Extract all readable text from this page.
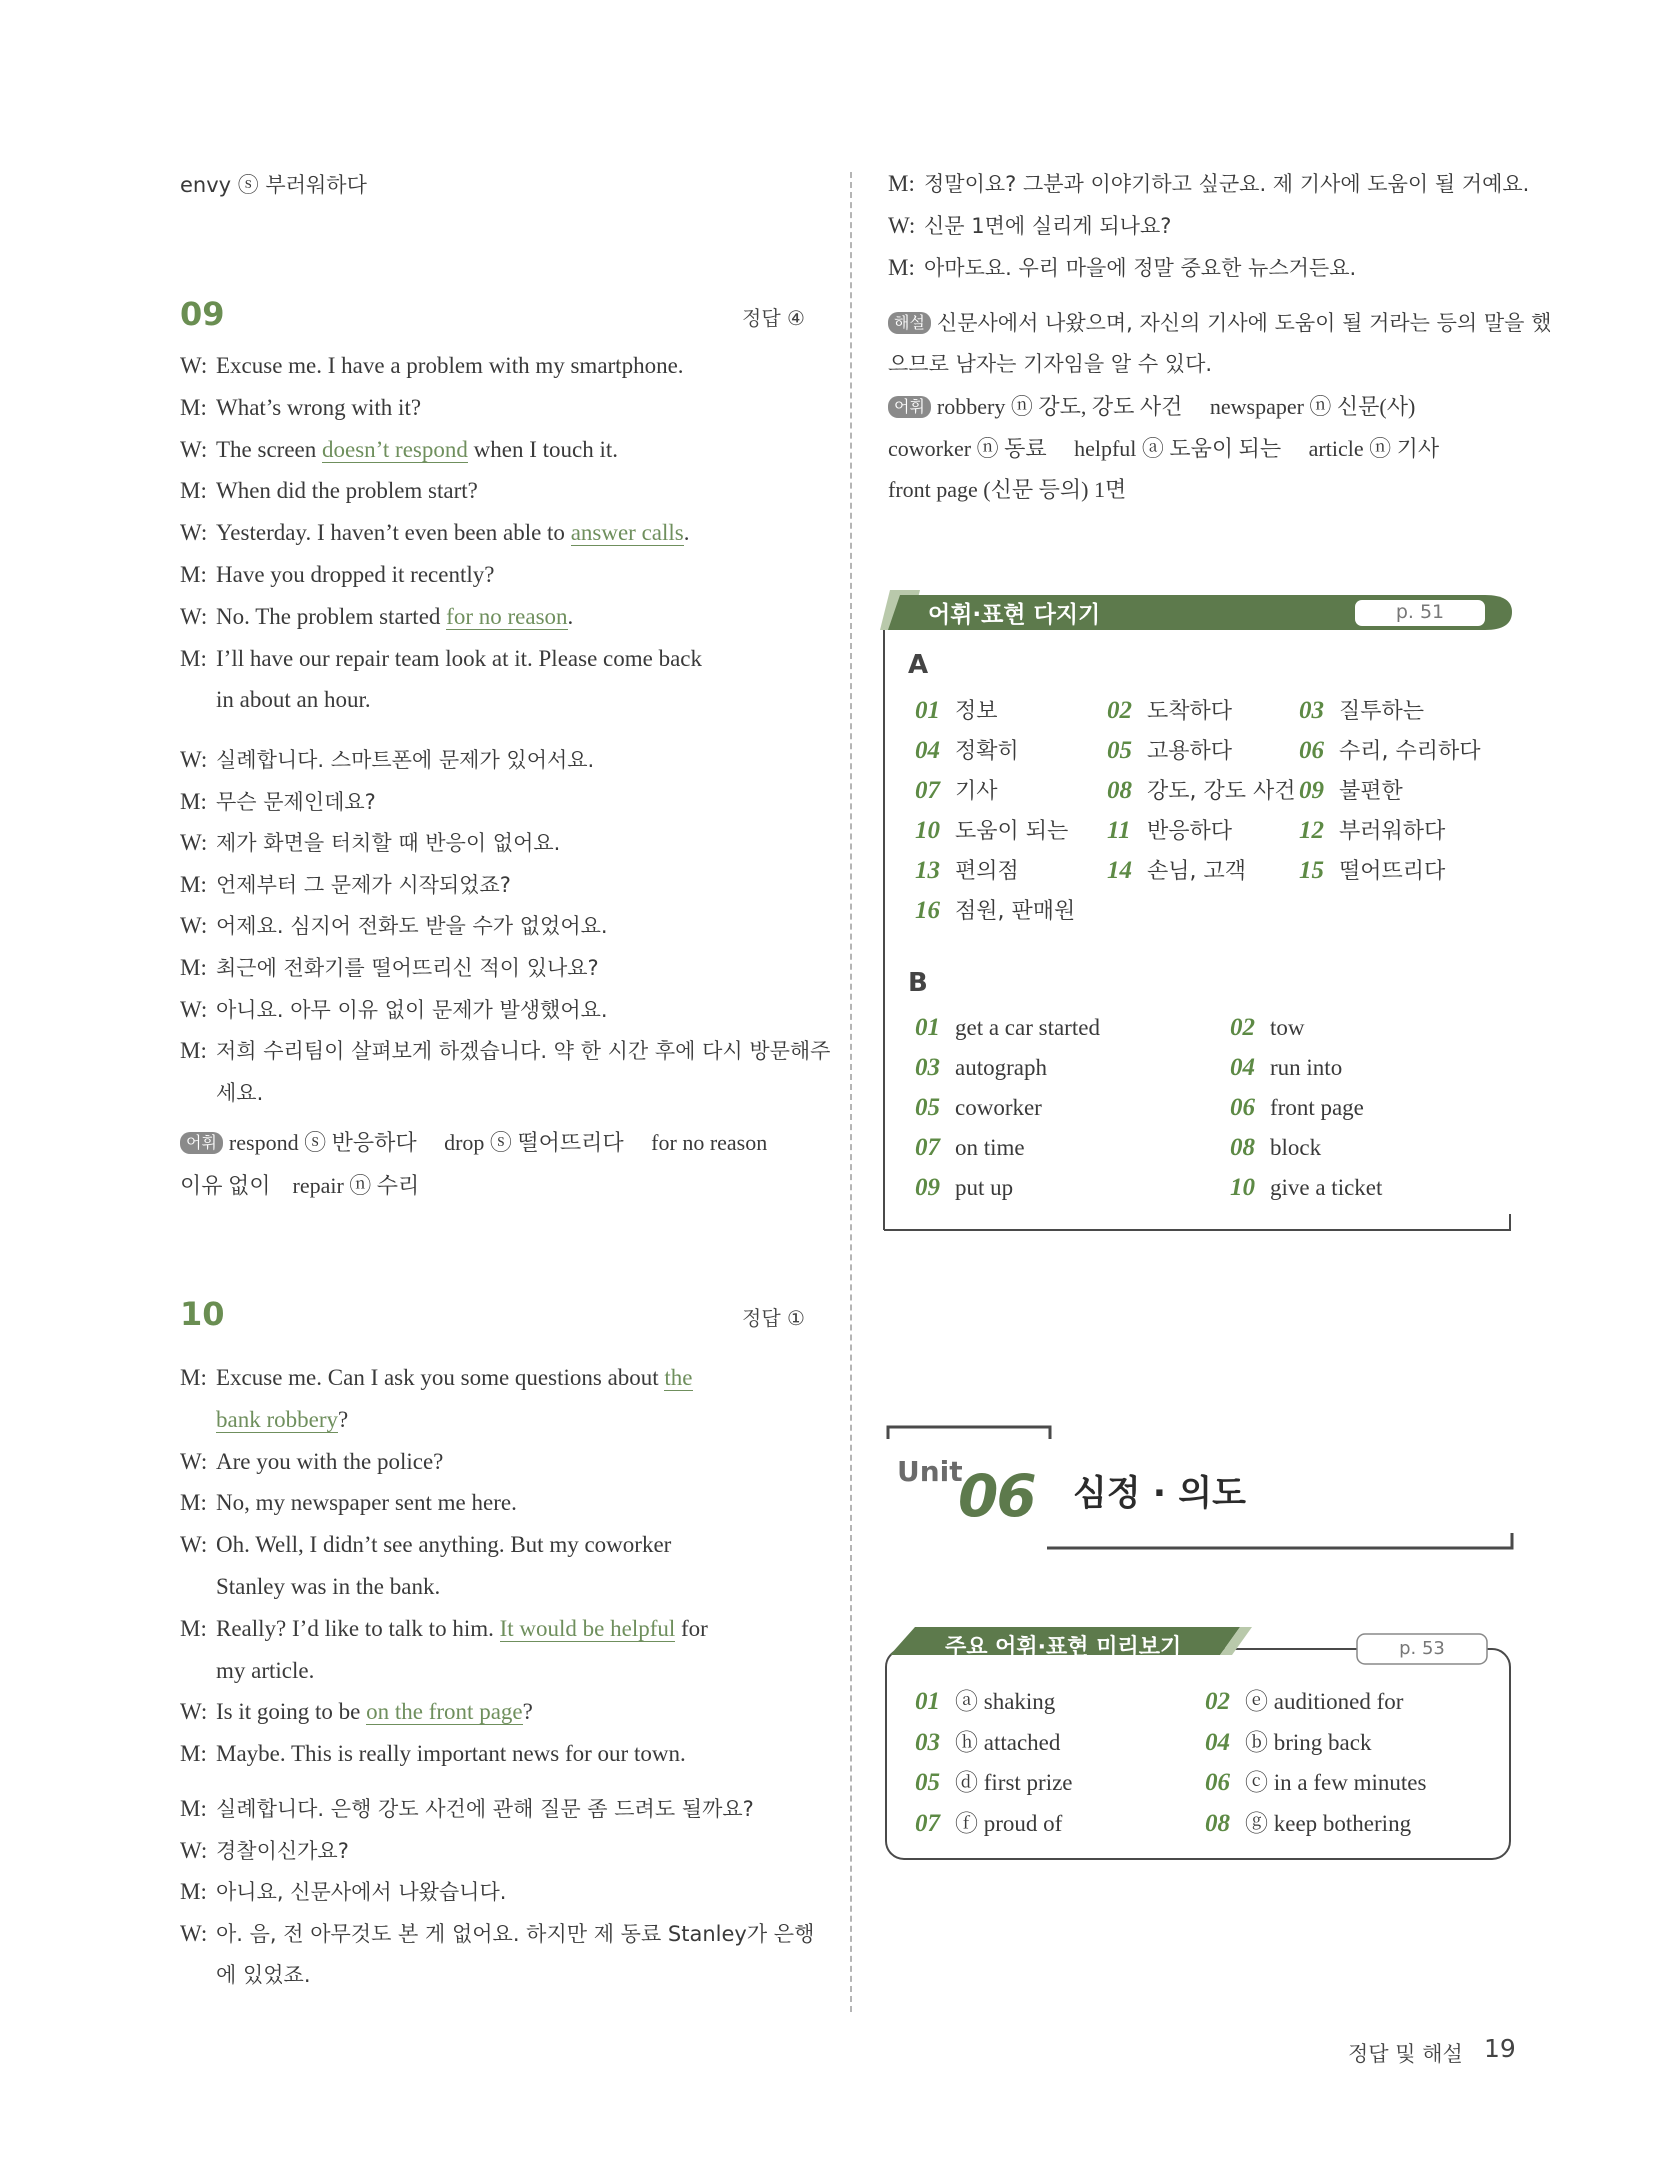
envy ⓢ 부러워하다
09	정답 ④
W: Excuse me. I have a problem with my smartphone.
M: What’s wrong with it?
W: The screen doesn’t respond when I touch it.
M: When did the problem start?
W: Yesterday. I haven’t even been able to answer calls.
M: Have you dropped it recently?
W: No. The problem started for no reason.
M: I’ll have our repair team look at it. Please come back
in about an hour.
W: 실례합니다. 스마트폰에 문제가 있어서요.
M: 무슨 문제인데요?
W: 제가 화면을 터치할 때 반응이 없어요.
M: 언제부터 그 문제가 시작되었죠?
W: 어제요. 심지어 전화도 받을 수가 없었어요.
M: 최근에 전화기를 떨어뜨리신 적이 있나요?
W: 아니요. 아무 이유 없이 문제가 발생했어요.
M: 저희 수리팀이 살펴보게 하겠습니다. 약 한 시간 후에 다시 방문해주
세요.
어휘 respond ⓢ 반응하다     drop ⓢ 떨어뜨리다     for no reason
이유 없이    repair ⓝ 수리
10	정답 ①
M: Excuse me. Can I ask you some questions about the
bank robbery?
W: Are you with the police?
M: No, my newspaper sent me here.
W: Oh. Well, I didn’t see anything. But my coworker
Stanley was in the bank.
M: Really? I’d like to talk to him. It would be helpful for
my article.
W: Is it going to be on the front page?
M: Maybe. This is really important news for our town.
M: 실례합니다. 은행 강도 사건에 관해 질문 좀 드려도 될까요?
W: 경찰이신가요?
M: 아니요, 신문사에서 나왔습니다.
W: 아. 음, 전 아무것도 본 게 없어요. 하지만 제 동료 Stanley가 은행
에 있었죠.
M: 정말이요? 그분과 이야기하고 싶군요. 제 기사에 도움이 될 거예요.
W: 신문 1면에 실리게 되나요?
M: 아마도요. 우리 마을에 정말 중요한 뉴스거든요.
해설 신문사에서 나왔으며, 자신의 기사에 도움이 될 거라는 등의 말을 했
으므로 남자는 기자임을 알 수 있다.
어휘 robbery ⓝ 강도, 강도 사건     newspaper ⓝ 신문(사)
coworker ⓝ 동료     helpful ⓐ 도움이 되는     article ⓝ 기사
front page (신문 등의) 1면
어휘·표현 다지기	p. 51
A
01 정보	02 도착하다	03 질투하는
04 정확히	05 고용하다	06 수리, 수리하다
07 기사	08 강도, 강도 사건 09 불편한
10 도움이 되는 11 반응하다	12 부러워하다
13 편의점	14 손님, 고객 15 떨어뜨리다
16 점원, 판매원
B
01 get a car started	02 tow
03 autograph	04 run into
05 coworker	06 front page
07 on time	08 block
09 put up	10 give a ticket
Unit
06 심정 · 의도
주요 어휘·표현 미리보기	p. 53
01 ⓐ shaking	02 ⓔ auditioned for
03 ⓗ attached	04 ⓑ bring back
05 ⓓ first prize	06 ⓒ in a few minutes
07 ⓕ proud of	08 ⓖ keep bothering
정답 및 해설 19
